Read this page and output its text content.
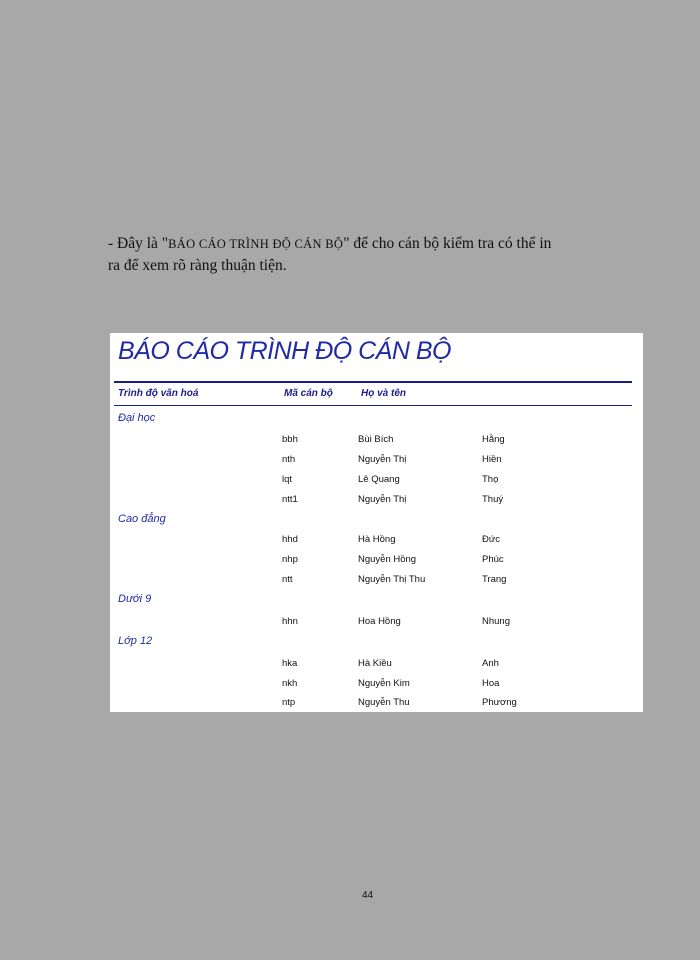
- Đây là "BÁO CÁO TRÌNH ĐỘ CÁN BỘ" để cho cán bộ kiểm tra có thể in
ra để xem rõ ràng thuận tiện.

BÁO CÁO TRÌNH ĐỘ CÁN BỘ
Trình độ văn hoá	Mã cán bộ	Họ và tên
Đại học
bbh	Bùi Bích	Hằng
nth	Nguyễn Thị	Hiền
lqt	Lê Quang	Thọ
ntt1	Nguyễn Thị	Thuý
Cao đẳng
hhd	Hà Hồng	Đức
nhp	Nguyễn Hồng	Phúc
ntt	Nguyễn Thị Thu	Trang
Dưới 9
hhn	Hoa Hồng	Nhung
Lớp 12
hka	Hà Kiều	Anh
nkh	Nguyễn Kim	Hoa
ntp	Nguyễn Thu	Phương
44
